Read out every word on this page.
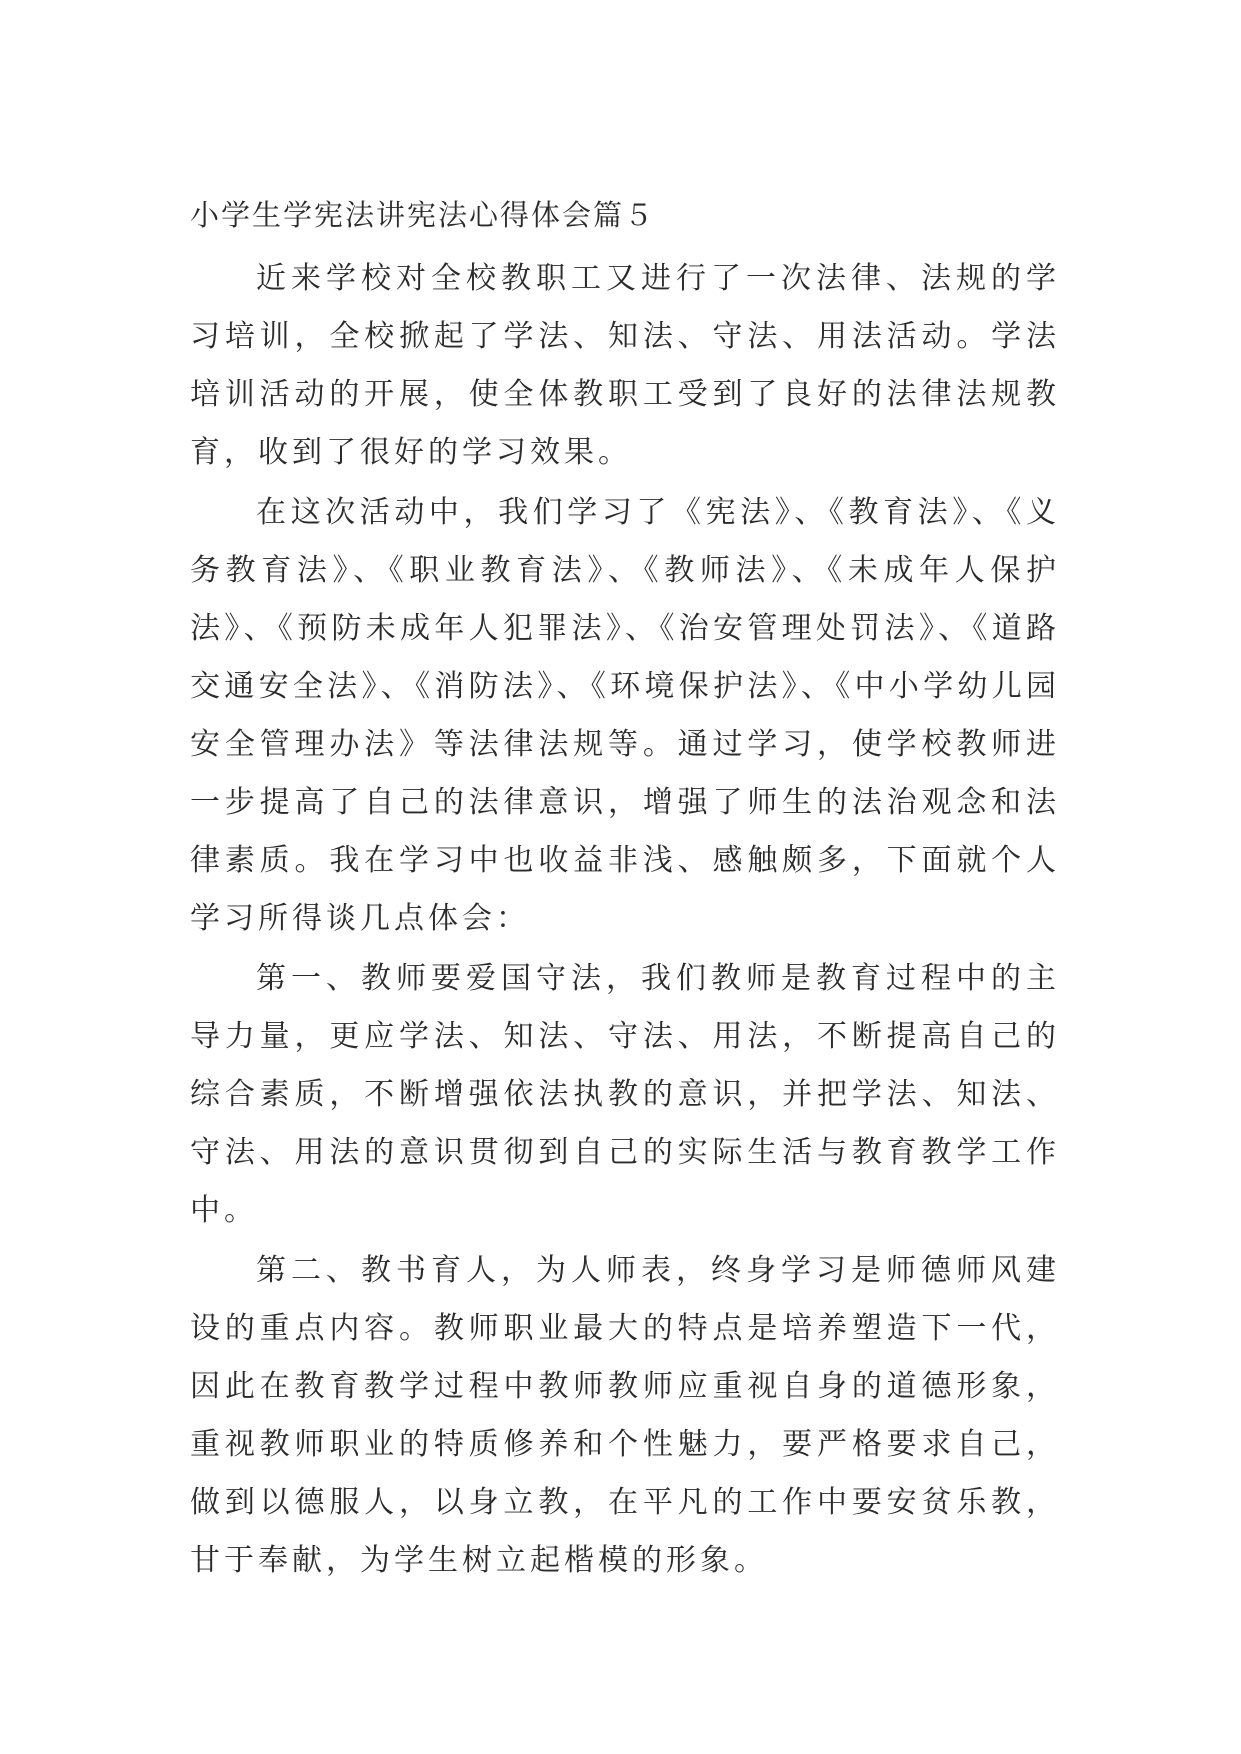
小学生学宪法讲宪法心得体会篇５

近来学校对全校教职工又进行了一次法律、法规的学习培训，全校掀起了学法、知法、守法、用法活动。学法培训活动的开展，使全体教职工受到了良好的法律法规教育，收到了很好的学习效果。

在这次活动中，我们学习了《宪法》、《教育法》、《义务教育法》、《职业教育法》、《教师法》、《未成年人保护法》、《预防未成年人犯罪法》、《治安管理处罚法》、《道路交通安全法》、《消防法》、《环境保护法》、《中小学幼儿园安全管理办法》等法律法规等。通过学习，使学校教师进一步提高了自己的法律意识，增强了师生的法治观念和法律素质。我在学习中也收益非浅、感触颇多，下面就个人学习所得谈几点体会：

第一、教师要爱国守法，我们教师是教育过程中的主导力量，更应学法、知法、守法、用法，不断提高自己的综合素质，不断增强依法执教的意识，并把学法、知法、守法、用法的意识贯彻到自己的实际生活与教育教学工作中。

第二、教书育人，为人师表，终身学习是师德师风建设的重点内容。教师职业最大的特点是培养塑造下一代，因此在教育教学过程中教师教师应重视自身的道德形象，重视教师职业的特质修养和个性魅力，要严格要求自己，做到以德服人，以身立教，在平凡的工作中要安贫乐教，甘于奉献，为学生树立起楷模的形象。
